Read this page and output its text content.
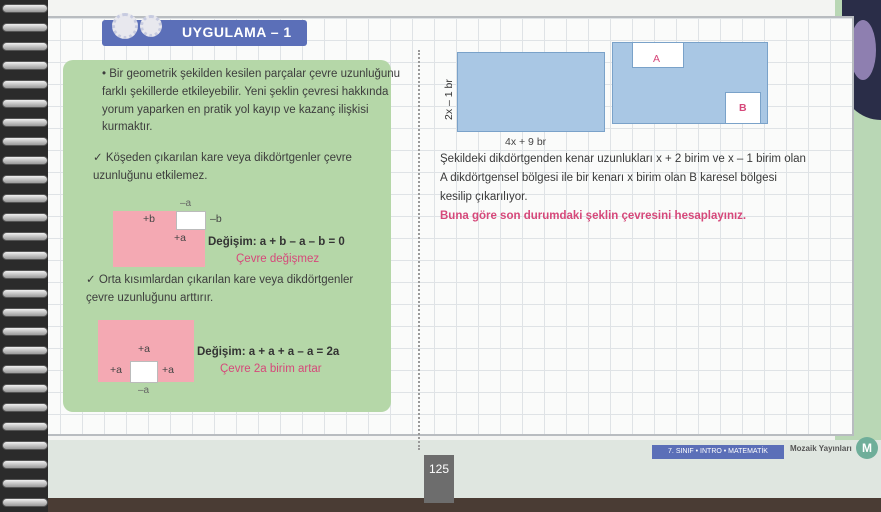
UYGULAMA – 1
• Bir geometrik şekilden kesilen parçalar çevre uzunluğunu farklı şekillerde etkileyebilir. Yeni şeklin çevresi hakkında yorum yaparken en pratik yol kayıp ve kazanç ilişkisi kurmaktır.
✓ Köşeden çıkarılan kare veya dikdörtgenler çevre uzunluğunu etkilemez.
–a
+b
+a
–b
Değişim: a + b – a – b = 0
Çevre değişmez
✓ Orta kısımlardan çıkarılan kare veya dikdörtgenler çevre uzunluğunu arttırır.
+a
+a	+a
–a
Değişim: a + a + a – a = 2a
Çevre 2a birim artar
2x – 1 br
4x + 9 br
A
B
Şekildeki dikdörtgenden kenar uzunlukları x + 2 birim ve x – 1 birim olan A dikdörtgensel bölgesi ile bir kenarı x birim olan B karesel bölgesi kesilip çıkarılıyor.
Buna göre son durumdaki şeklin çevresini hesaplayınız.
125
7. SINIF • INTRO • MATEMATİK	Mozaik Yayınları M
